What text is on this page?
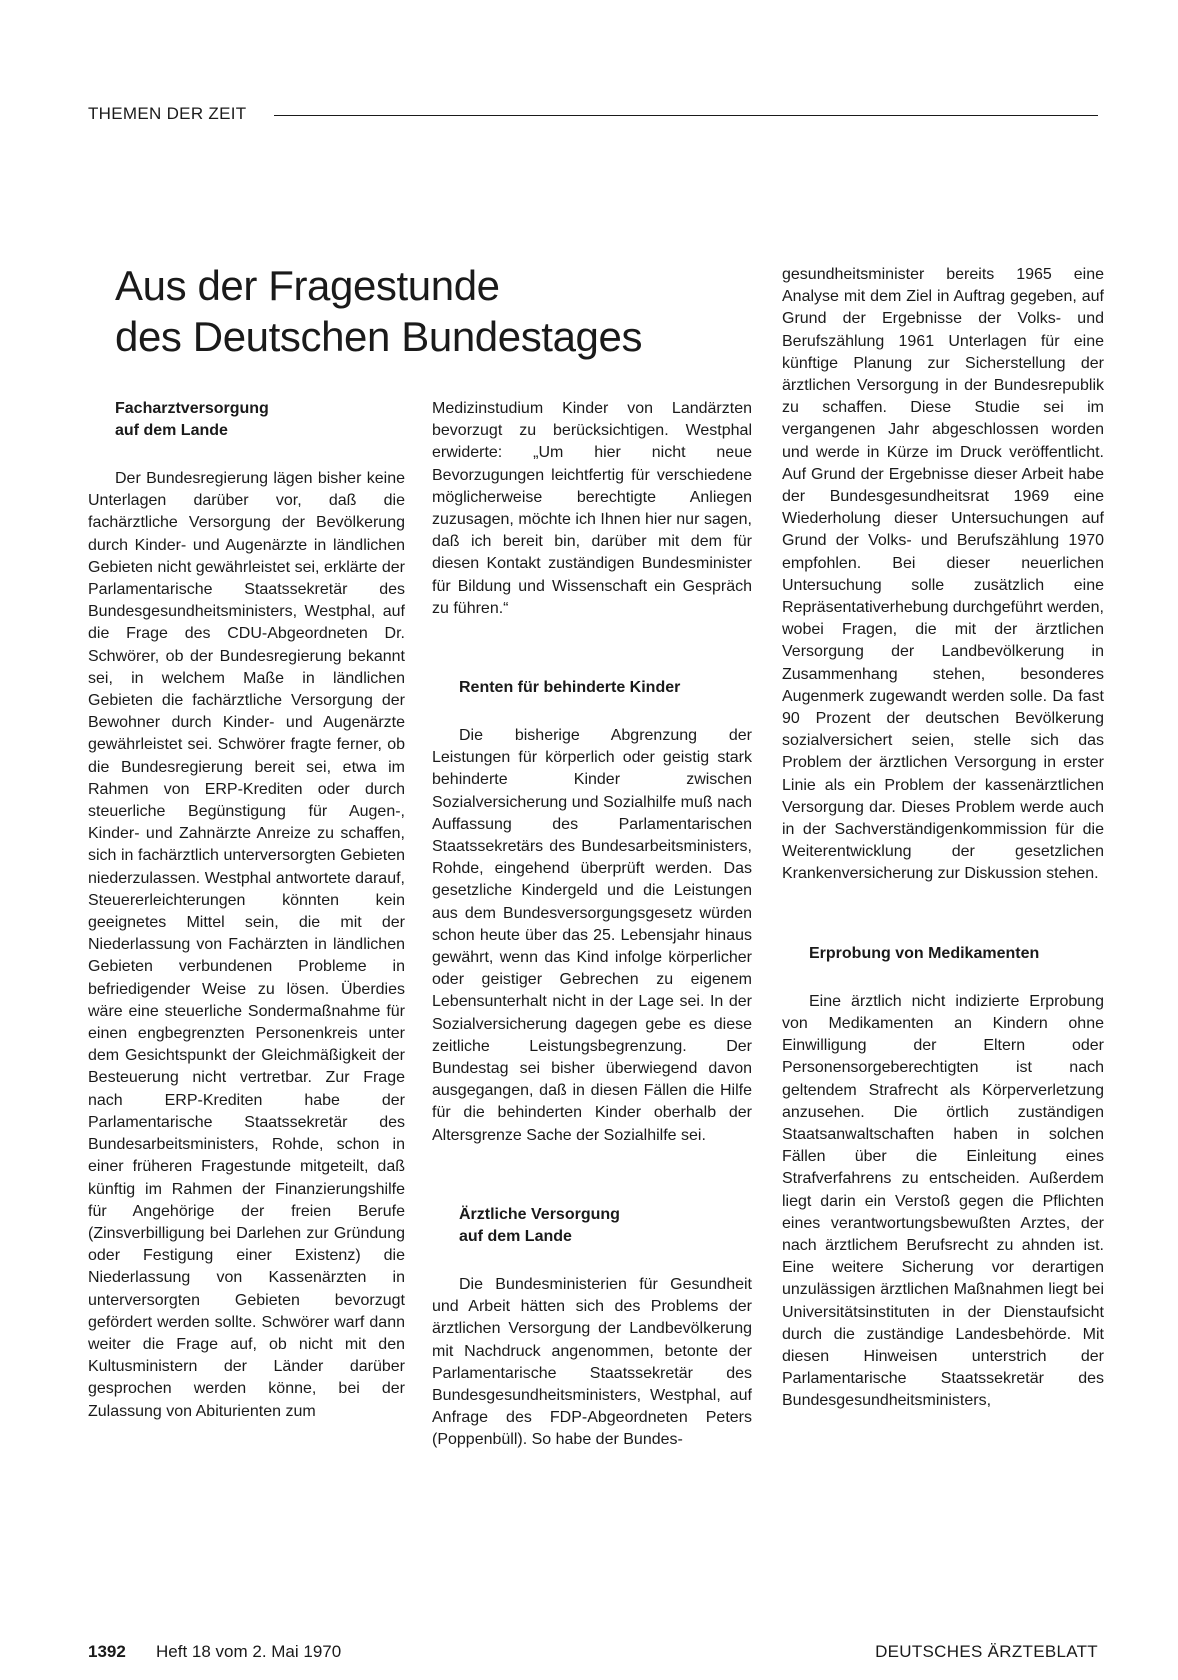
THEMEN DER ZEIT
Aus der Fragestunde
des Deutschen Bundestages
Facharztversorgung
auf dem Lande

Der Bundesregierung lägen bisher keine Unterlagen darüber vor, daß die fachärztliche Versorgung der Bevölkerung durch Kinder- und Augenärzte in ländlichen Gebieten nicht gewährleistet sei, erklärte der Parlamentarische Staatssekretär des Bundesgesundheitsministers, Westphal, auf die Frage des CDU-Abgeordneten Dr. Schwörer, ob der Bundesregierung bekannt sei, in welchem Maße in ländlichen Gebieten die fachärztliche Versorgung der Bewohner durch Kinder- und Augenärzte gewährleistet sei. Schwörer fragte ferner, ob die Bundesregierung bereit sei, etwa im Rahmen von ERP-Krediten oder durch steuerliche Begünstigung für Augen-, Kinder- und Zahnärzte Anreize zu schaffen, sich in fachärztlich unterversorgten Gebieten niederzulassen. Westphal antwortete darauf, Steuererleichterungen könnten kein geeignetes Mittel sein, die mit der Niederlassung von Fachärzten in ländlichen Gebieten verbundenen Probleme in befriedigender Weise zu lösen. Überdies wäre eine steuerliche Sondermaßnahme für einen engbegrenzten Personenkreis unter dem Gesichtspunkt der Gleichmäßigkeit der Besteuerung nicht vertretbar. Zur Frage nach ERP-Krediten habe der Parlamentarische Staatssekretär des Bundesarbeitsministers, Rohde, schon in einer früheren Fragestunde mitgeteilt, daß künftig im Rahmen der Finanzierungshilfe für Angehörige der freien Berufe (Zinsverbilligung bei Darlehen zur Gründung oder Festigung einer Existenz) die Niederlassung von Kassenärzten in unterversorgten Gebieten bevorzugt gefördert werden sollte. Schwörer warf dann weiter die Frage auf, ob nicht mit den Kultusministern der Länder darüber gesprochen werden könne, bei der Zulassung von Abiturienten zum

Medizinstudium Kinder von Landärzten bevorzugt zu berücksichtigen. Westphal erwiderte: „Um hier nicht neue Bevorzugungen leichtfertig für verschiedene möglicherweise berechtigte Anliegen zuzusagen, möchte ich Ihnen hier nur sagen, daß ich bereit bin, darüber mit dem für diesen Kontakt zuständigen Bundesminister für Bildung und Wissenschaft ein Gespräch zu führen.“

Renten für behinderte Kinder

Die bisherige Abgrenzung der Leistungen für körperlich oder geistig stark behinderte Kinder zwischen Sozialversicherung und Sozialhilfe muß nach Auffassung des Parlamentarischen Staatssekretärs des Bundesarbeitsministers, Rohde, eingehend überprüft werden. Das gesetzliche Kindergeld und die Leistungen aus dem Bundesversorgungsgesetz würden schon heute über das 25. Lebensjahr hinaus gewährt, wenn das Kind infolge körperlicher oder geistiger Gebrechen zu eigenem Lebensunterhalt nicht in der Lage sei. In der Sozialversicherung dagegen gebe es diese zeitliche Leistungsbegrenzung. Der Bundestag sei bisher überwiegend davon ausgegangen, daß in diesen Fällen die Hilfe für die behinderten Kinder oberhalb der Altersgrenze Sache der Sozialhilfe sei.

Ärztliche Versorgung
auf dem Lande

Die Bundesministerien für Gesundheit und Arbeit hätten sich des Problems der ärztlichen Versorgung der Landbevölkerung mit Nachdruck angenommen, betonte der Parlamentarische Staatssekretär des Bundesgesundheitsministers, Westphal, auf Anfrage des FDP-Abgeordneten Peters (Poppenbüll). So habe der Bundes-

gesundheitsminister bereits 1965 eine Analyse mit dem Ziel in Auftrag gegeben, auf Grund der Ergebnisse der Volks- und Berufszählung 1961 Unterlagen für eine künftige Planung zur Sicherstellung der ärztlichen Versorgung in der Bundesrepublik zu schaffen. Diese Studie sei im vergangenen Jahr abgeschlossen worden und werde in Kürze im Druck veröffentlicht. Auf Grund der Ergebnisse dieser Arbeit habe der Bundesgesundheitsrat 1969 eine Wiederholung dieser Untersuchungen auf Grund der Volks- und Berufszählung 1970 empfohlen. Bei dieser neuerlichen Untersuchung solle zusätzlich eine Repräsentativerhebung durchgeführt werden, wobei Fragen, die mit der ärztlichen Versorgung der Landbevölkerung in Zusammenhang stehen, besonderes Augenmerk zugewandt werden solle. Da fast 90 Prozent der deutschen Bevölkerung sozialversichert seien, stelle sich das Problem der ärztlichen Versorgung in erster Linie als ein Problem der kassenärztlichen Versorgung dar. Dieses Problem werde auch in der Sachverständigenkommission für die Weiterentwicklung der gesetzlichen Krankenversicherung zur Diskussion stehen.

Erprobung von Medikamenten

Eine ärztlich nicht indizierte Erprobung von Medikamenten an Kindern ohne Einwilligung der Eltern oder Personensorgeberechtigten ist nach geltendem Strafrecht als Körperverletzung anzusehen. Die örtlich zuständigen Staatsanwaltschaften haben in solchen Fällen über die Einleitung eines Strafverfahrens zu entscheiden. Außerdem liegt darin ein Verstoß gegen die Pflichten eines verantwortungsbewußten Arztes, der nach ärztlichem Berufsrecht zu ahnden ist. Eine weitere Sicherung vor derartigen unzulässigen ärztlichen Maßnahmen liegt bei Universitätsinstituten in der Dienstaufsicht durch die zuständige Landesbehörde. Mit diesen Hinweisen unterstrich der Parlamentarische Staatssekretär des Bundesgesundheitsministers,

1392 Heft 18 vom 2. Mai 1970	DEUTSCHES ÄRZTEBLATT
